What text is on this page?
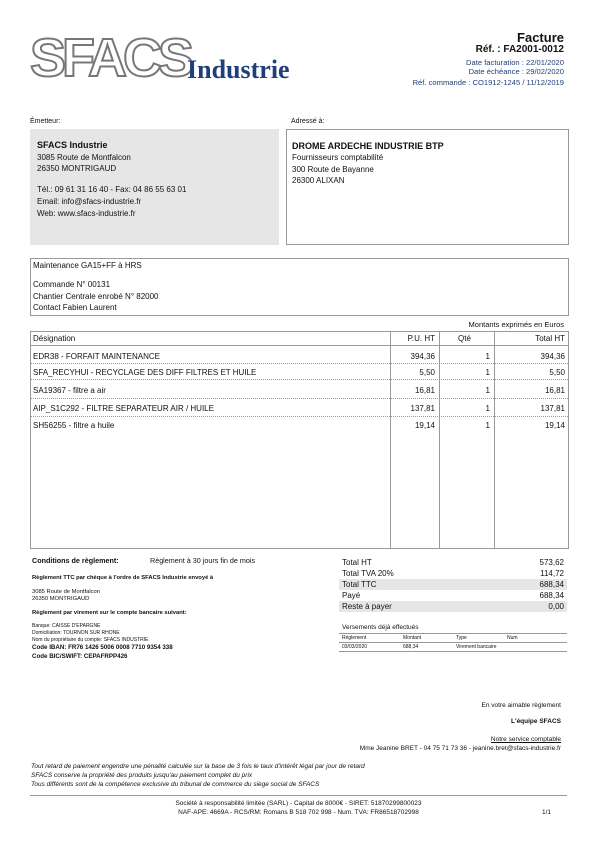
SFACS
Industrie
Facture
Réf. : FA2001-0012
Date facturation : 22/01/2020
Date échéance : 29/02/2020
Réf. commande : CO1912-1245 / 11/12/2019
Émetteur:
SFACS Industrie
3085 Route de Montfalcon
26350 MONTRIGAUD
Tél.: 09 61 31 16 40 - Fax: 04 86 55 63 01
Email: info@sfacs-industrie.fr
Web: www.sfacs-industrie.fr
Adressé à:
DROME ARDECHE INDUSTRIE BTP
Fournisseurs comptabilité
300 Route de Bayanne
26300 ALIXAN
Maintenance GA15+FF à HRS
Commande N° 00131
Chantier Centrale enrobé N° 82000
Contact Fabien Laurent
Montants exprimés en Euros
Désignation	P.U. HT	Qté	Total HT
EDR38 - FORFAIT MAINTENANCE	394,36	1	394,36
SFA_RECYHUI - RECYCLAGE DES DIFF FILTRES ET HUILE	5,50	1	5,50
SA19367 - filtre a air	16,81	1	16,81
AIP_S1C292 - FILTRE SEPARATEUR AIR / HUILE	137,81	1	137,81
SH56255 - filtre a huile	19,14	1	19,14
Conditions de règlement:	Règlement à 30 jours fin de mois
Règlement TTC par chèque à l'ordre de SFACS Industrie envoyé à
3085 Route de Montfalcon
26350 MONTRIGAUD
Règlement par virement sur le compte bancaire suivant:
Banque: CAISSE D'EPARGNE
Domiciliation: TOURNON SUR RHONE
Nom du propriétaire du compte: SFACS INDUSTRIE
Code IBAN: FR76 1426 5006 0008 7710 9354 338
Code BIC/SWIFT: CEPAFRPP426
Total HT	573,62
Total TVA 20%	114,72
Total TTC	688,34
Payé	688,34
Reste à payer	0,00
Versements déjà effectués
Règlement	Montant	Type	Num
03/03/2020	688,34	Virement bancaire
En votre aimable règlement
L'équipe SFACS
Notre service comptable
Mme Jeanine BRET - 04 75 71 73 36 - jeanine.bret@sfacs-industrie.fr
Tout retard de paiement engendre une pénalité calculée sur la base de 3 fois le taux d'intérêt légal par jour de retard
SFACS conserve la propriété des produits jusqu'au paiement complet du prix
Tous différents sont de la compétence exclusive du tribunal de commerce du siège social de SFACS
Société à responsabilité limitée (SARL) - Capital de 8000€ - SIRET: 51870299800023
NAF-APE: 4669A - RCS/RM: Romans B 518 702 998 - Num. TVA: FR86518702998	1/1
